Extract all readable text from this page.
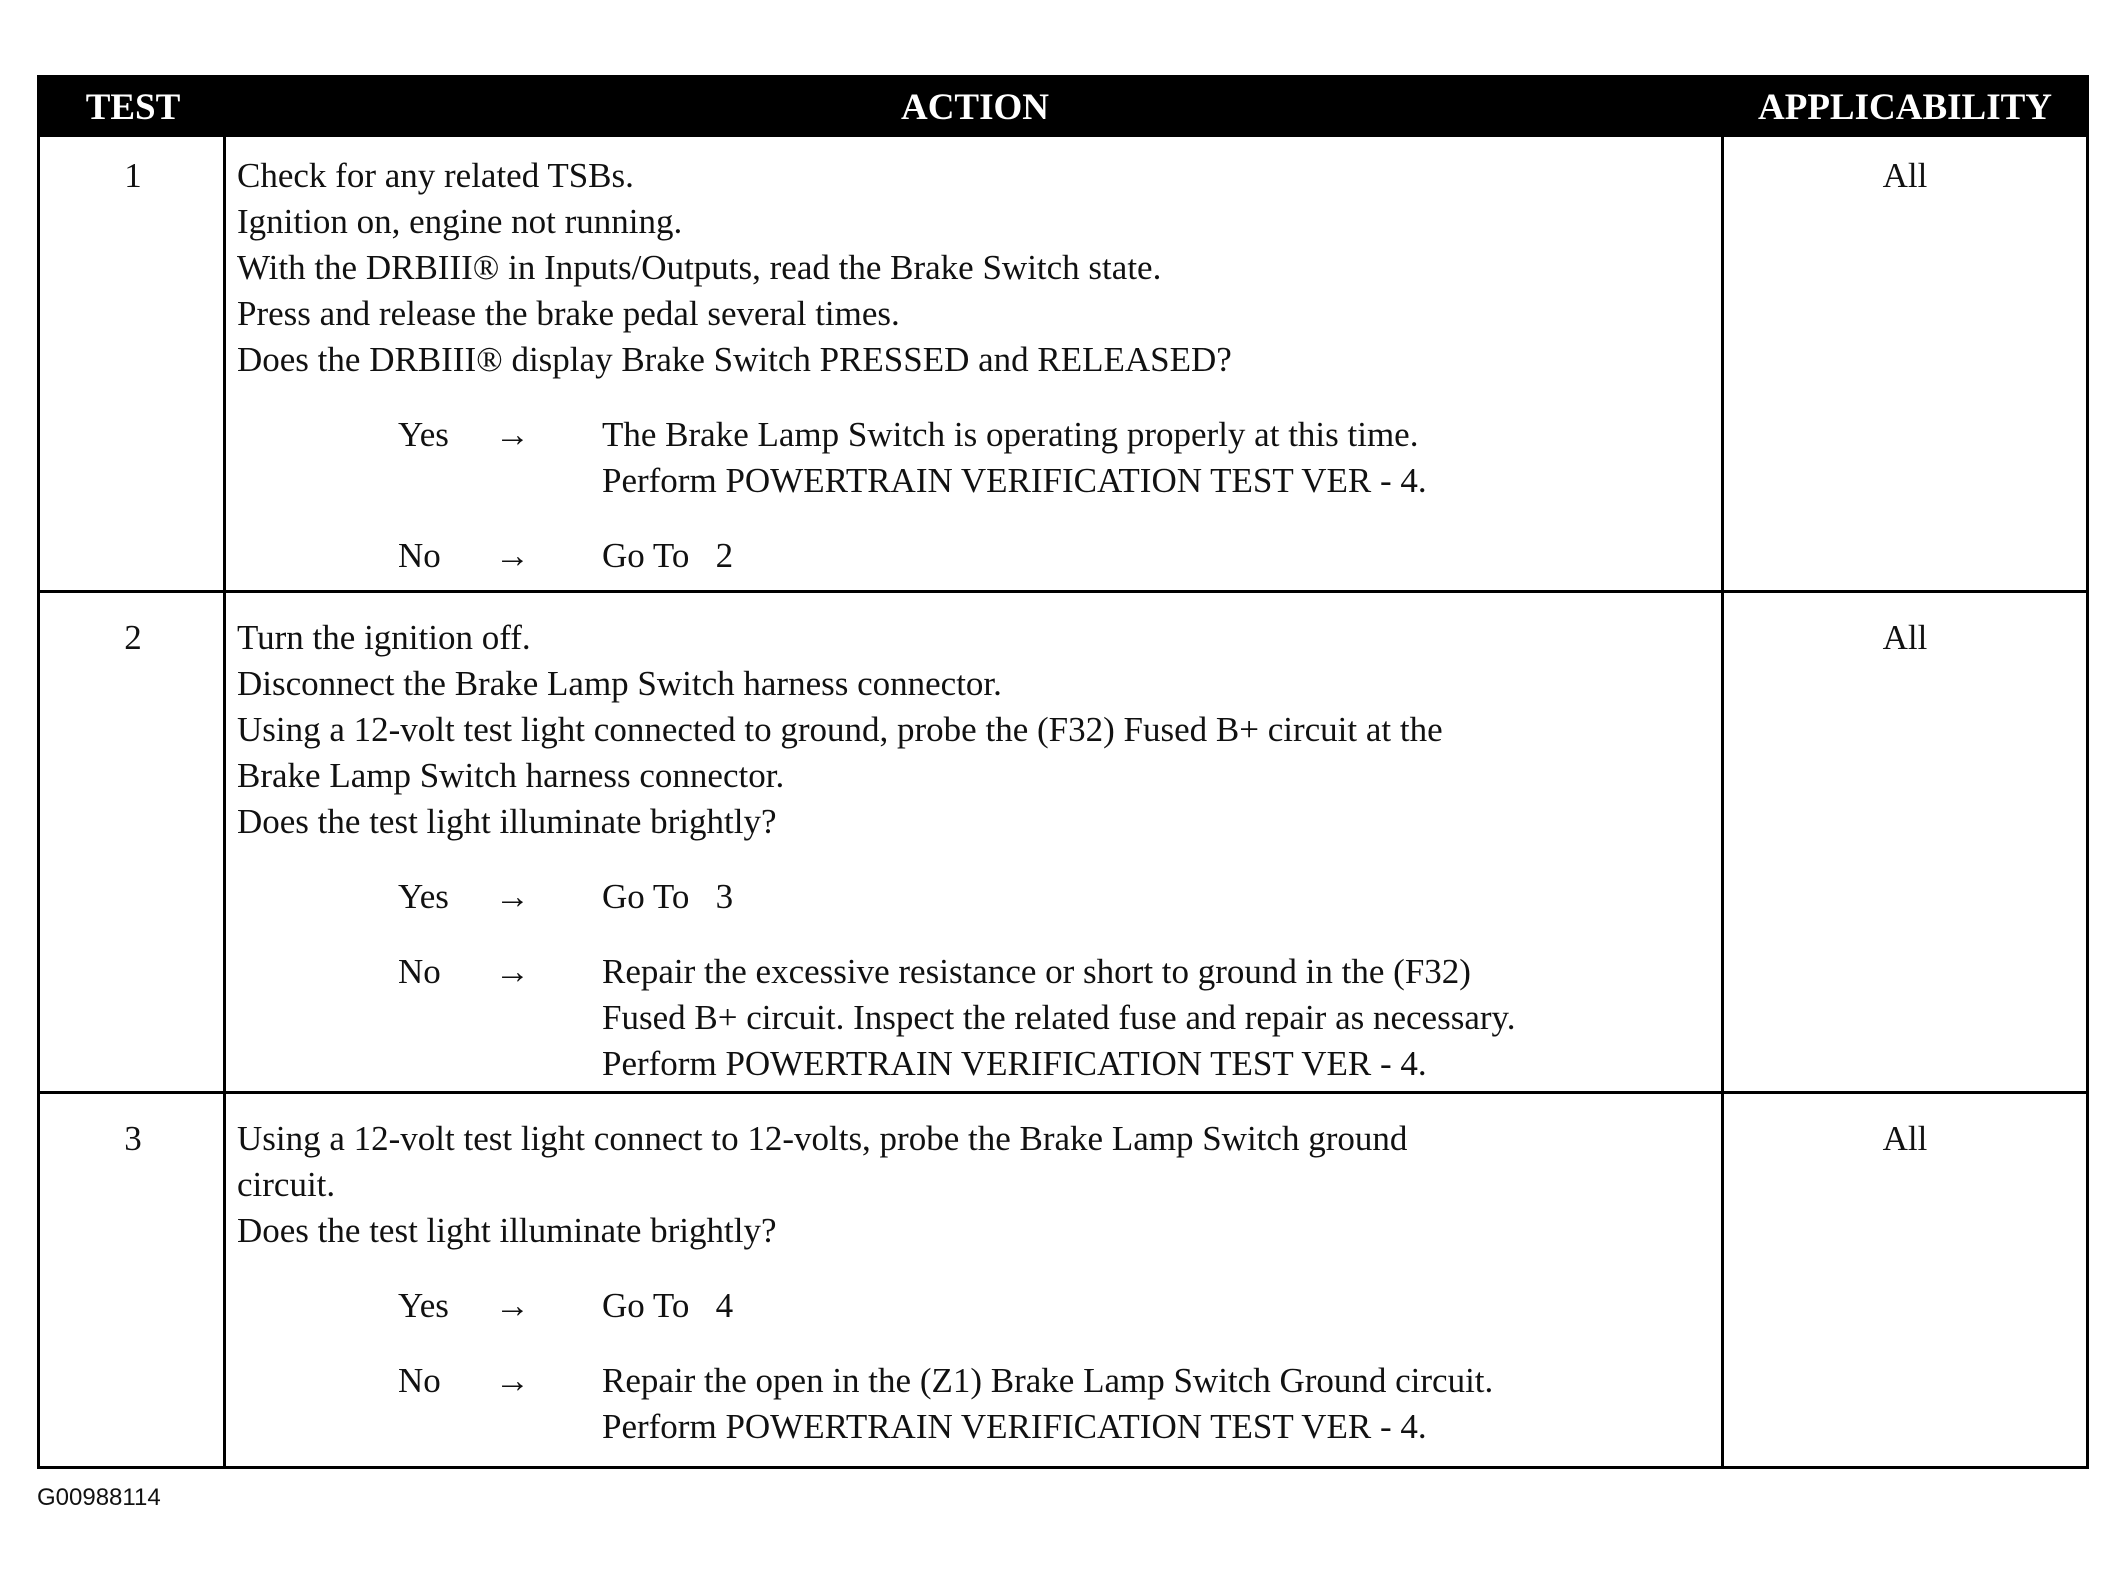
TEST	ACTION	APPLICABILITY
1	Check for any related TSBs.
Ignition on, engine not running.
With the DRBIII® in Inputs/Outputs, read the Brake Switch state.
Press and release the brake pedal several times.
Does the DRBIII® display Brake Switch PRESSED and RELEASED?
Yes	→ The Brake Lamp Switch is operating properly at this time.
Perform POWERTRAIN VERIFICATION TEST VER - 4.
No	→ Go To   2
All
2	Turn the ignition off.
Disconnect the Brake Lamp Switch harness connector.
Using a 12-volt test light connected to ground, probe the (F32) Fused B+ circuit at the
Brake Lamp Switch harness connector.
Does the test light illuminate brightly?
Yes	→ Go To   3
No	→ Repair the excessive resistance or short to ground in the (F32)
Fused B+ circuit. Inspect the related fuse and repair as necessary.
Perform POWERTRAIN VERIFICATION TEST VER - 4.
All
3	Using a 12-volt test light connect to 12-volts, probe the Brake Lamp Switch ground
circuit.
Does the test light illuminate brightly?
Yes	→ Go To   4
No	→ Repair the open in the (Z1) Brake Lamp Switch Ground circuit.
Perform POWERTRAIN VERIFICATION TEST VER - 4.
All
G00988114
